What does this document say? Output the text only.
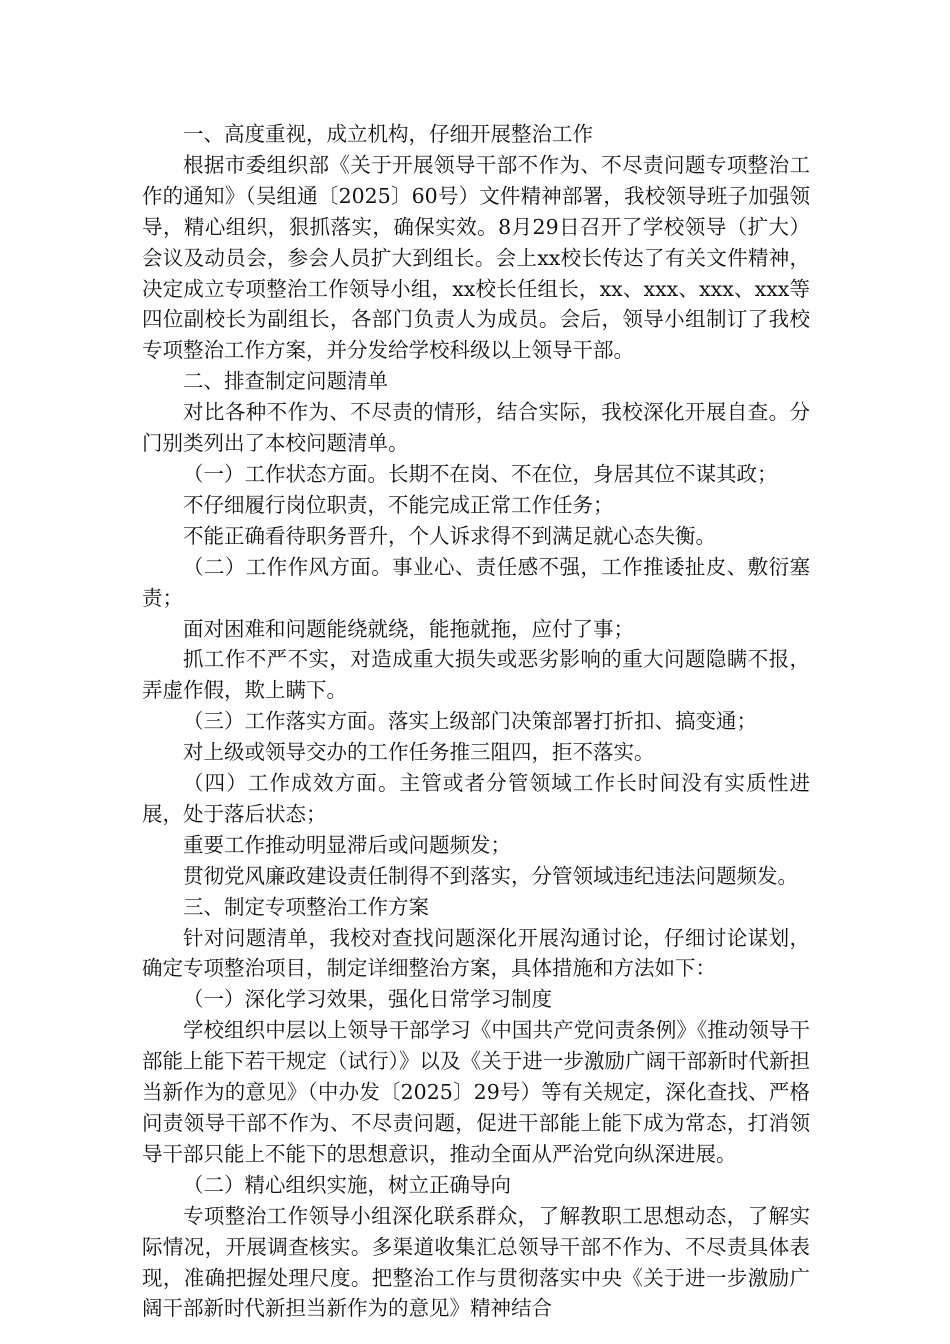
一、高度重视，成立机构，仔细开展整治工作

根据市委组织部《关于开展领导干部不作为、不尽责问题专项整治工作的通知》（吴组通〔2025〕60号）文件精神部署，我校领导班子加强领导，精心组织，狠抓落实，确保实效。8月29日召开了学校领导（扩大）会议及动员会，参会人员扩大到组长。会上xx校长传达了有关文件精神，决定成立专项整治工作领导小组，xx校长任组长，xx、xxx、xxx、xxx等四位副校长为副组长，各部门负责人为成员。会后，领导小组制订了我校专项整治工作方案，并分发给学校科级以上领导干部。

二、排查制定问题清单

对比各种不作为、不尽责的情形，结合实际，我校深化开展自查。分门别类列出了本校问题清单。

（一）工作状态方面。长期不在岗、不在位，身居其位不谋其政；

不仔细履行岗位职责，不能完成正常工作任务；

不能正确看待职务晋升，个人诉求得不到满足就心态失衡。

（二）工作作风方面。事业心、责任感不强，工作推诿扯皮、敷衍塞责；

面对困难和问题能绕就绕，能拖就拖，应付了事；

抓工作不严不实，对造成重大损失或恶劣影响的重大问题隐瞒不报，弄虚作假，欺上瞒下。

（三）工作落实方面。落实上级部门决策部署打折扣、搞变通；

对上级或领导交办的工作任务推三阻四，拒不落实。

（四）工作成效方面。主管或者分管领域工作长时间没有实质性进展，处于落后状态；

重要工作推动明显滞后或问题频发；

贯彻党风廉政建设责任制得不到落实，分管领域违纪违法问题频发。

三、制定专项整治工作方案

针对问题清单，我校对查找问题深化开展沟通讨论，仔细讨论谋划，确定专项整治项目，制定详细整治方案，具体措施和方法如下：

（一）深化学习效果，强化日常学习制度

学校组织中层以上领导干部学习《中国共产党问责条例》《推动领导干部能上能下若干规定（试行）》以及《关于进一步激励广阔干部新时代新担当新作为的意见》（中办发〔2025〕29号）等有关规定，深化查找、严格问责领导干部不作为、不尽责问题，促进干部能上能下成为常态，打消领导干部只能上不能下的思想意识，推动全面从严治党向纵深进展。

（二）精心组织实施，树立正确导向

专项整治工作领导小组深化联系群众，了解教职工思想动态，了解实际情况，开展调查核实。多渠道收集汇总领导干部不作为、不尽责具体表现，准确把握处理尺度。把整治工作与贯彻落实中央《关于进一步激励广阔干部新时代新担当新作为的意见》精神结合
